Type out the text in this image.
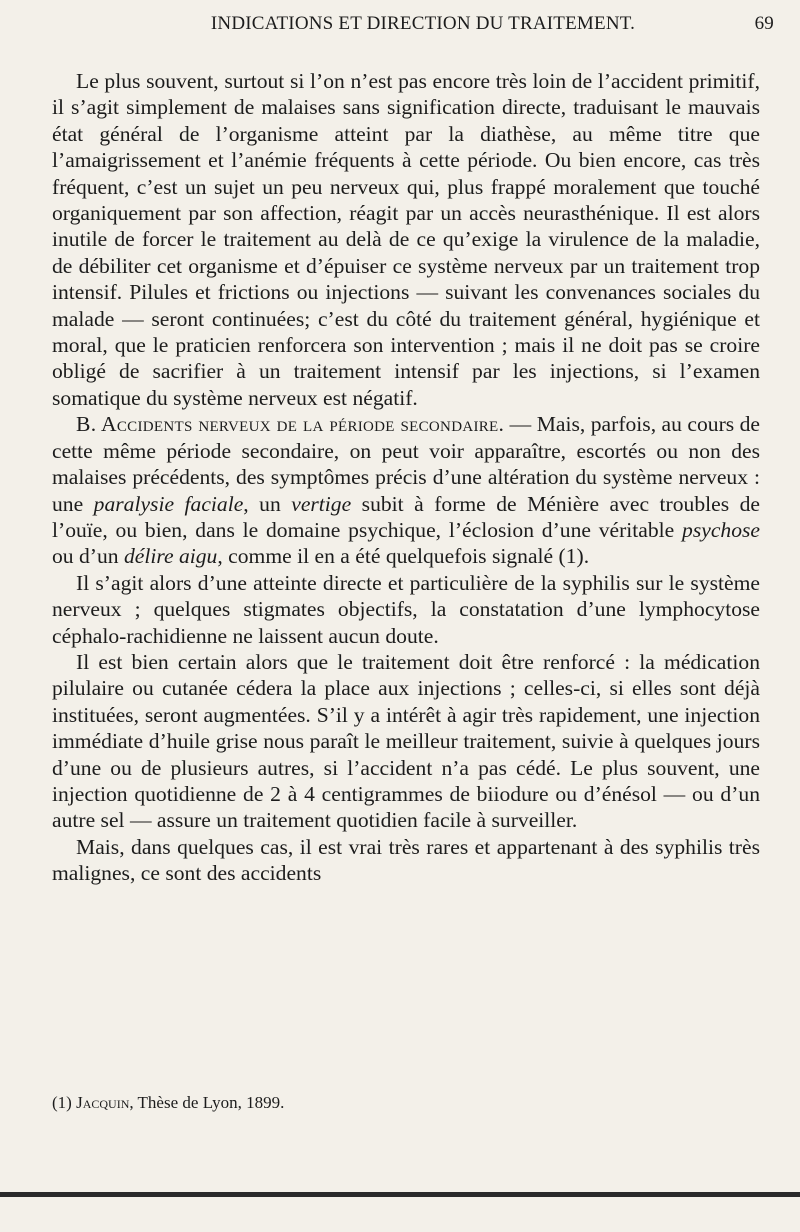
INDICATIONS ET DIRECTION DU TRAITEMENT.	69

Le plus souvent, surtout si l’on n’est pas encore très loin de l’accident primitif, il s’agit simplement de malaises sans signification directe, traduisant le mauvais état général de l’organisme atteint par la diathèse, au même titre que l’amaigrissement et l’anémie fréquents à cette période. Ou bien encore, cas très fréquent, c’est un sujet un peu nerveux qui, plus frappé moralement que touché organiquement par son affection, réagit par un accès neurasthénique. Il est alors inutile de forcer le traitement au delà de ce qu’exige la virulence de la maladie, de débiliter cet organisme et d’épuiser ce système nerveux par un traitement trop intensif. Pilules et frictions ou injections — suivant les convenances sociales du malade — seront continuées; c’est du côté du traitement général, hygiénique et moral, que le praticien renforcera son intervention ; mais il ne doit pas se croire obligé de sacrifier à un traitement intensif par les injections, si l’examen somatique du système nerveux est négatif.

B. Accidents nerveux de la période secondaire. — Mais, parfois, au cours de cette même période secondaire, on peut voir apparaître, escortés ou non des malaises précédents, des symptômes précis d’une altération du système nerveux : une paralysie faciale, un vertige subit à forme de Ménière avec troubles de l’ouïe, ou bien, dans le domaine psychique, l’éclosion d’une véritable psychose ou d’un délire aigu, comme il en a été quelquefois signalé (1).

Il s’agit alors d’une atteinte directe et particulière de la syphilis sur le système nerveux ; quelques stigmates objectifs, la constatation d’une lymphocytose céphalo-rachidienne ne laissent aucun doute.

Il est bien certain alors que le traitement doit être renforcé : la médication pilulaire ou cutanée cédera la place aux injections ; celles-ci, si elles sont déjà instituées, seront augmentées. S’il y a intérêt à agir très rapidement, une injection immédiate d’huile grise nous paraît le meilleur traitement, suivie à quelques jours d’une ou de plusieurs autres, si l’accident n’a pas cédé. Le plus souvent, une injection quotidienne de 2 à 4 centigrammes de biiodure ou d’énésol — ou d’un autre sel — assure un traitement quotidien facile à surveiller.

Mais, dans quelques cas, il est vrai très rares et appartenant à des syphilis très malignes, ce sont des accidents

(1) Jacquin, Thèse de Lyon, 1899.
